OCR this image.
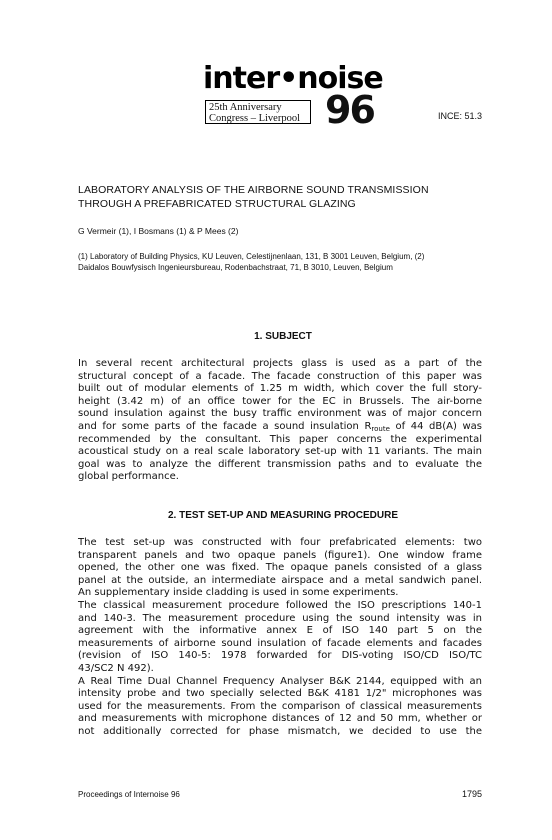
inter•noise
25th Anniversary
Congress – Liverpool 96	INCE: 51.3
LABORATORY ANALYSIS OF THE AIRBORNE SOUND TRANSMISSION
THROUGH A PREFABRICATED STRUCTURAL GLAZING
G Vermeir (1), I Bosmans (1) & P Mees (2)
(1) Laboratory of Building Physics, KU Leuven, Celestijnenlaan, 131, B 3001 Leuven, Belgium, (2)
Daidalos Bouwfysisch Ingenieursbureau, Rodenbachstraat, 71, B 3010, Leuven, Belgium
1. SUBJECT
In several recent architectural projects glass is used as a part of the
structural concept of a facade. The facade construction of this paper was
built out of modular elements of 1.25 m width, which cover the full story-
height (3.42 m) of an office tower for the EC in Brussels. The air-borne
sound insulation against the busy traffic environment was of major concern
and for some parts of the facade a sound insulation $R_{route}$ of 44 dB(A) was
recommended by the consultant. This paper concerns the experimental
acoustical study on a real scale laboratory set-up with 11 variants. The main
goal was to analyze the different transmission paths and to evaluate the
global performance.
2. TEST SET-UP AND MEASURING PROCEDURE
The test set-up was constructed with four prefabricated elements: two
transparent panels and two opaque panels (figure1). One window frame
opened, the other one was fixed. The opaque panels consisted of a glass
panel at the outside, an intermediate airspace and a metal sandwich panel.
An supplementary inside cladding is used in some experiments.
The classical measurement procedure followed the ISO prescriptions 140-1
and 140-3. The measurement procedure using the sound intensity was in
agreement with the informative annex E of ISO 140 part 5 on the
measurements of airborne sound insulation of facade elements and facades
(revision of ISO 140-5: 1978 forwarded for DIS-voting ISO/CD ISO/TC
43/SC2 N 492).
A Real Time Dual Channel Frequency Analyser B&K 2144, equipped with an
intensity probe and two specially selected B&K 4181 1/2" microphones was
used for the measurements. From the comparison of classical measurements
and measurements with microphone distances of 12 and 50 mm, whether or
not additionally corrected for phase mismatch, we decided to use the
Proceedings of Internoise 96	1795
